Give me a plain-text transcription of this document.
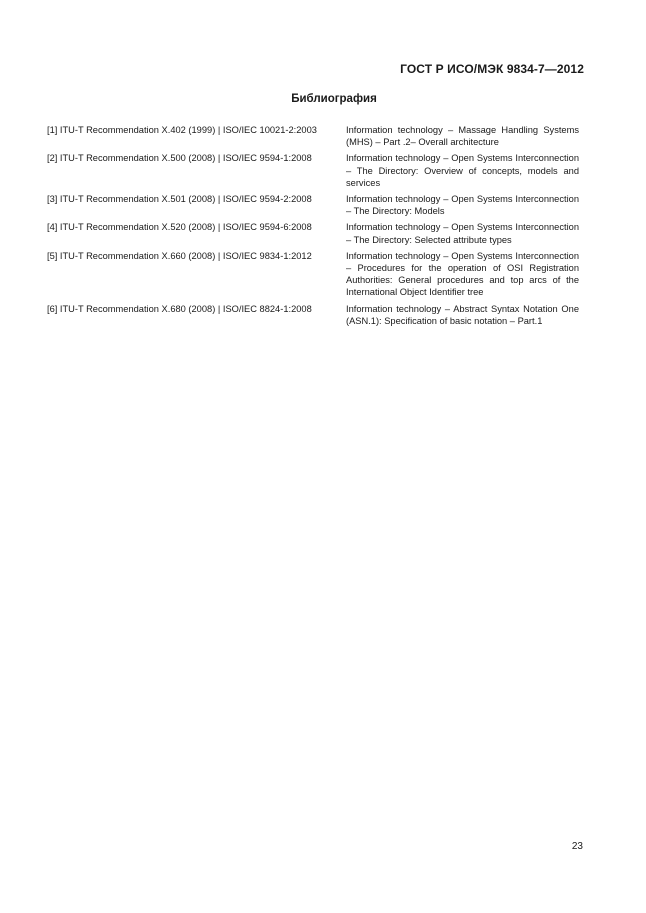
ГОСТ Р ИСО/МЭК 9834-7—2012
Библиография
[1] ITU-T Recommendation X.402 (1999) | ISO/IEC 10021-2:2003	Information technology – Massage Handling Systems (MHS) – Part .2– Overall architecture
[2] ITU-T Recommendation X.500 (2008) | ISO/IEC 9594-1:2008	Information technology – Open Systems Interconnection – The Directory: Overview of concepts, models and services
[3] ITU-T Recommendation X.501 (2008) | ISO/IEC 9594-2:2008	Information technology – Open Systems Interconnection – The Directory: Models
[4] ITU-T Recommendation X.520 (2008) | ISO/IEC 9594-6:2008	Information technology – Open Systems Interconnection – The Directory: Selected attribute types
[5] ITU-T Recommendation X.660 (2008) | ISO/IEC 9834-1:2012	Information technology – Open Systems Interconnection – Procedures for the operation of OSI Registration Authorities: General procedures and top arcs of the International Object Identifier tree
[6] ITU-T Recommendation X.680 (2008) | ISO/IEC 8824-1:2008	Information technology – Abstract Syntax Notation One (ASN.1): Specification of basic notation – Part.1
23
